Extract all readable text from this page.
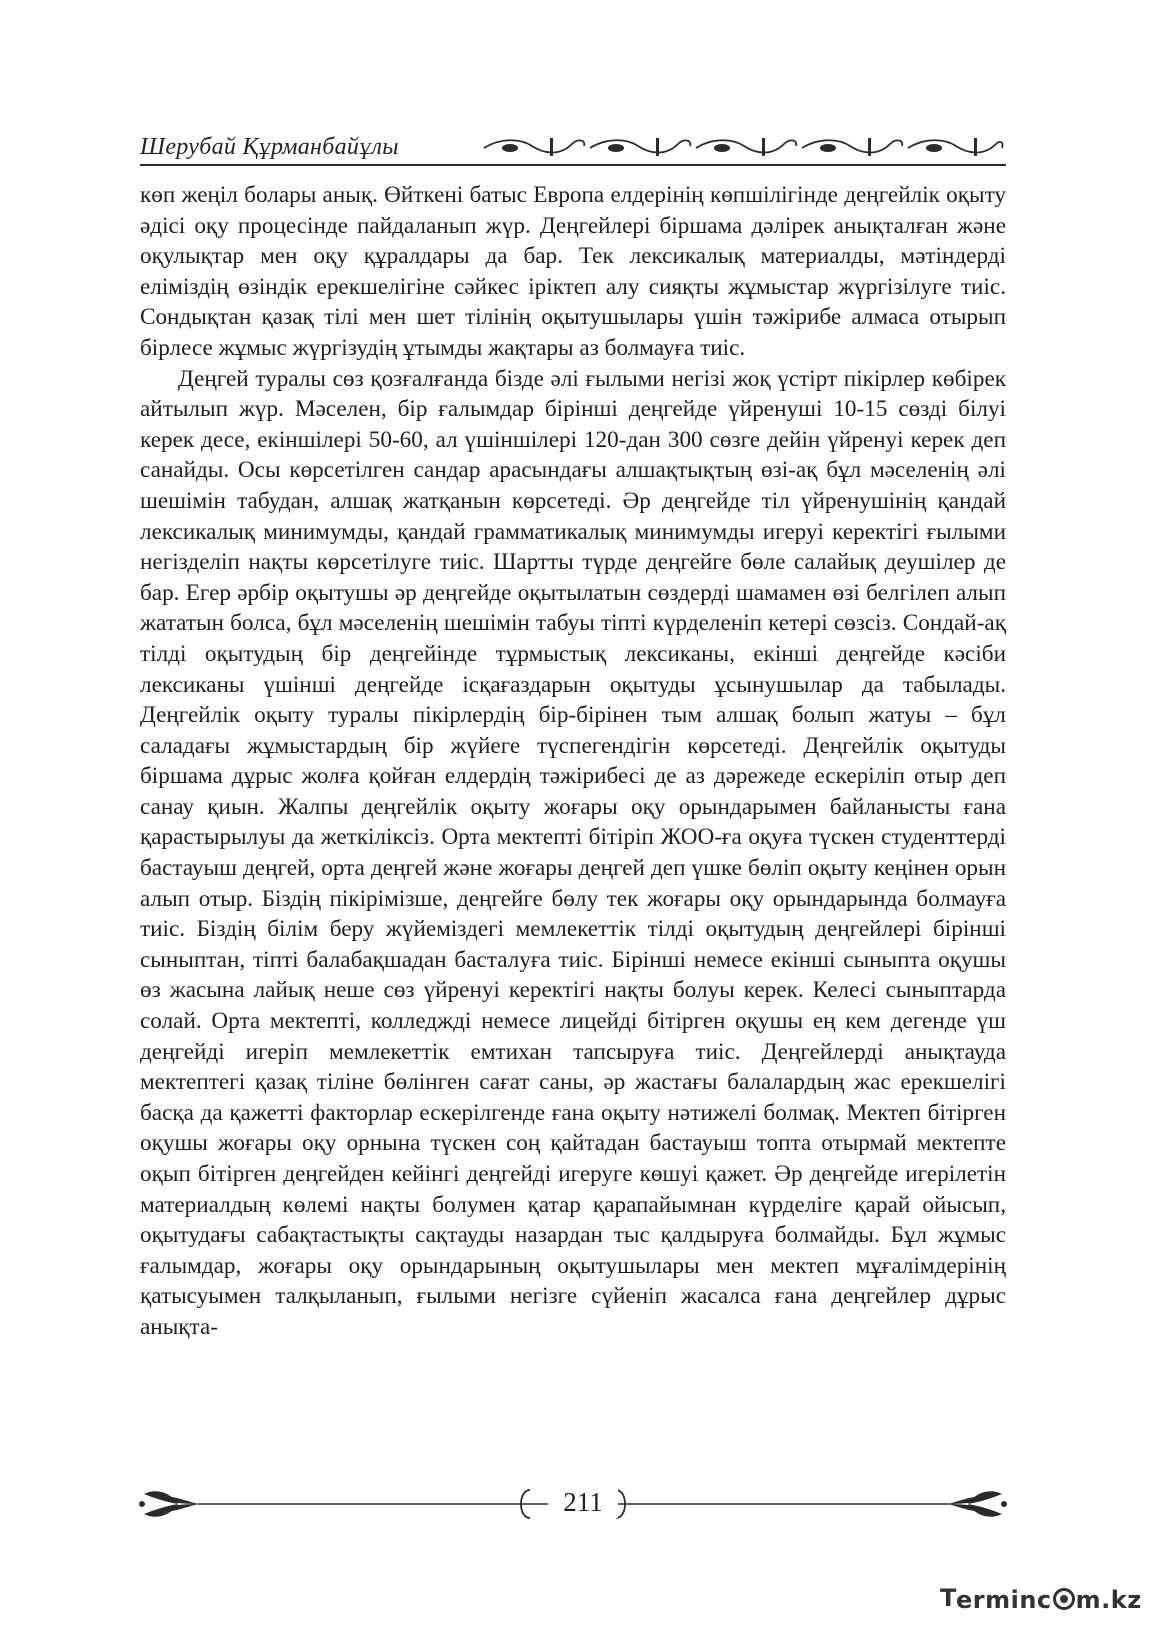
Шерубай Құрманбайұлы

көп жеңіл болары анық. Өйткені батыс Европа елдерінің көпшілігінде деңгейлік оқыту әдісі оқу процесінде пайдаланып жүр. Деңгейлері біршама дәлірек анықталған және оқулықтар мен оқу құралдары да бар. Тек лексикалық материалды, мәтіндерді еліміздің өзіндік ерекшелігіне сәйкес іріктеп алу сияқты жұмыстар жүргізілуге тиіс. Сондықтан қазақ тілі мен шет тілінің оқытушылары үшін тәжірибе алмаса отырып бірлесе жұмыс жүргізудің ұтымды жақтары аз болмауға тиіс.

Деңгей туралы сөз қозғалғанда бізде әлі ғылыми негізі жоқ үстірт пікірлер көбірек айтылып жүр. Мәселен, бір ғалымдар бірінші деңгейде үйренуші 10-15 сөзді білуі керек десе, екіншілері 50-60, ал үшіншілері 120-дан 300 сөзге дейін үйренуі керек деп санайды. Осы көрсетілген сандар арасындағы алшақтықтың өзі-ақ бұл мәселенің әлі шешімін табудан, алшақ жатқанын көрсетеді. Әр деңгейде тіл үйренушінің қандай лексикалық минимумды, қандай грамматикалық минимумды игеруі керектігі ғылыми негізделіп нақты көрсетілуге тиіс. Шартты түрде деңгейге бөле салайық деушілер де бар. Егер әрбір оқытушы әр деңгейде оқытылатын сөздерді шамамен өзі белгілеп алып жататын болса, бұл мәселенің шешімін табуы тіпті күрделеніп кетері сөзсіз. Сондай-ақ тілді оқытудың бір деңгейінде тұрмыстық лексиканы, екінші деңгейде кәсіби лексиканы үшінші деңгейде ісқағаздарын оқытуды ұсынушылар да табылады. Деңгейлік оқыту туралы пікірлердің бір-бірінен тым алшақ болып жатуы – бұл саладағы жұмыстардың бір жүйеге түспегендігін көрсетеді. Деңгейлік оқытуды біршама дұрыс жолға қойған елдердің тәжірибесі де аз дәрежеде ескеріліп отыр деп санау қиын. Жалпы деңгейлік оқыту жоғары оқу орындарымен байланысты ғана қарастырылуы да жеткіліксіз. Орта мектепті бітіріп ЖОО-ға оқуға түскен студенттерді бастауыш деңгей, орта деңгей және жоғары деңгей деп үшке бөліп оқыту кеңінен орын алып отыр. Біздің пікірімізше, деңгейге бөлу тек жоғары оқу орындарында болмауға тиіс. Біздің білім беру жүйеміздегі мемлекеттік тілді оқытудың деңгейлері бірінші сыныптан, тіпті балабақшадан басталуға тиіс. Бірінші немесе екінші сыныпта оқушы өз жасына лайық неше сөз үйренуі керектігі нақты болуы керек. Келесі сыныптарда солай. Орта мектепті, колледжді немесе лицейді бітірген оқушы ең кем дегенде үш деңгейді игеріп мемлекеттік емтихан тапсыруға тиіс. Деңгейлерді анықтауда мектептегі қазақ тіліне бөлінген сағат саны, әр жастағы балалардың жас ерекшелігі басқа да қажетті факторлар ескерілгенде ғана оқыту нәтижелі болмақ. Мектеп бітірген оқушы жоғары оқу орнына түскен соң қайтадан бастауыш топта отырмай мектепте оқып бітірген деңгейден кейінгі деңгейді игеруге көшуі қажет. Әр деңгейде игерілетін материалдың көлемі нақты болумен қатар қарапайымнан күрделіге қарай ойысып, оқытудағы сабақтастықты сақтауды назардан тыс қалдыруға болмайды. Бұл жұмыс ғалымдар, жоғары оқу орындарының оқытушылары мен мектеп мұғалімдерінің қатысуымен талқыланып, ғылыми негізге сүйеніп жасалса ғана деңгейлер дұрыс анықта-

211
T erminc m.kz
